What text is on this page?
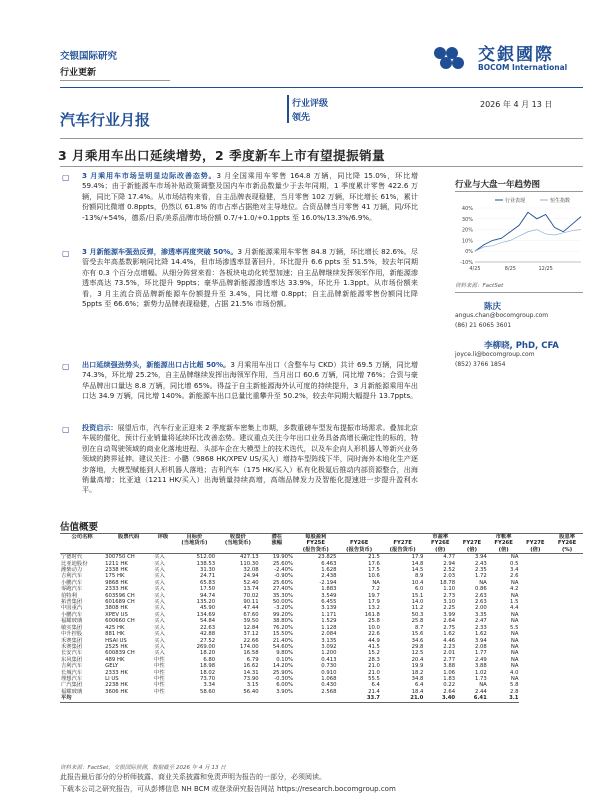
交银国际研究
行业更新
交銀國際
BOCOM International
汽车行业月报
行业评级
领先
2026 年 4 月 13 日
3 月乘用车出口延续增势，2 季度新车上市有望提振销量
▢	3 月乘用车市场呈明显边际改善态势。3 月全国乘用车零售 164.8 万辆，同比降 15.0%，环比增 59.4%；由于新能源车市场补贴政策调整及国内车市新品数量少于去年同期，1 季度累计零售 422.6 万辆，同比下降 17.4%。从市场结构来看，自主品牌表现稳健，当月零售 102 万辆，环比增长 61%，累计份额同比微增 0.8ppts，仍然以 61.8% 的市占率占据绝对主导地位。合资品牌当月零售 41 万辆，同/环比 -13%/+54%，德系/日系/美系品牌市场份额 0.7/+1.0/+0.1ppts 至 16.0%/13.3%/6.9%。
▢	3 月新能源车强劲反弹，渗透率再度突破 50%。3 月新能源乘用车零售 84.8 万辆，环比增长 82.6%。尽管受去年高基数影响同比降 14.4%，但市场渗透率显著回升，环比提升 6.6 ppts 至 51.5%，较去年同期亦有 0.3 个百分点增幅。从细分阵营来看：各板块电动化转型加速；自主品牌继续发挥领军作用，新能源渗透率高达 73.5%，环比提升 9ppts；豪华品牌新能源渗透率达 33.9%，环比升 1.3ppt。从市场份额来看，3 月主流合资品牌新能源车份额提升至 3.4%，同比增 0.8ppt；自主品牌新能源零售份额同比降 5ppts 至 66.6%；新势力品牌表现稳健，占据 21.5% 市场份额。
▢	出口延续强劲势头，新能源出口占比超 50%。3 月乘用车出口（含整车与 CKD）共计 69.5 万辆，同比增 74.3%，环比增 25.2%，自主品牌继续发挥出海领军作用，当月出口 60.6 万辆，同比增 76%；合资与豪华品牌出口量达 8.8 万辆，同比增 65%。得益于自主新能源海外认可度的持续提升，3 月新能源乘用车出口达 34.9 万辆，同比增 140%。新能源车出口总量比重攀升至 50.2%，较去年同期大幅提升 13.7ppts。
▢	投资启示：展望后市，汽车行业正迎来 2 季度新车密集上市期，多数重磅车型发布提振市场需求。叠加北京车展的催化，预计行业销量将延续环比改善态势。建议重点关注今年出口业务具备高增长确定性的标的，特别在自动驾驶领域的商业化落地进程、头部车企在大模型上的技术迭代，以及车企向人形机器人等新兴业务领域的跨界延伸。建议关注：小鹏（9868 HK/XPEV US/买入）增持车型阵线下半，同时海外本地化生产逐步落地，大模型赋能到人形机器人落地；吉利汽车（175 HK/买入）私有化极氪后推动内部资源整合，出海销量高增；比亚迪（1211 HK/买入）出海销量持续高增，高端品牌发力及智能化提速进一步提升盈利水平。
行业与大盘一年趋势图
40%
30%
20%
10%
0%
-10%
4/25	8/25	12/25
行业表现	恒生指数
资料来源：FactSet
陈庆
angus.chan@bocomgroup.com
(86) 21 6065 3601
李柳晓, PhD, CFA
joyce.li@bocomgroup.com
(852) 3766 1854
估值概要
公司名称	股票代码	评级	目标价	收盘价	潜在	每股盈利			市盈率		市帐率		股息率
			(当地货币)	(当地货币)	涨幅	FY25E	FY26E	FY27E	FY26E	FY27E	FY26E	FY27E	FY26E
						(报告货币)	(报告货币)	(报告货币)	(倍)	(倍)	(倍)	(倍)	(%)
宁德时代	300750 CH	买入	512.00	427.13	19.90%	23.825	21.5	17.9	4.77	3.94	NA		
比亚迪股份	1211 HK	买入	138.53	110.30	25.60%	6.463	17.6	14.8	2.94	2.43	0.5		
潍柴动力	2338 HK	买入	31.30	32.08	-2.40%	1.628	17.5	14.5	2.52	2.35	3.4		
吉利汽车	175 HK	买入	24.71	24.94	-0.90%	2.438	10.6	8.9	2.03	1.72	2.6		
小鹏汽车	9868 HK	买入	65.83	52.40	25.60%	-2.194	NA	10.4	18.78	NA	NA		
零跑汽车	2333 HK	买入	17.50	13.74	27.40%	1.883	7.2	6.0	1.10	0.86	4.2		
伯特利	603596 CH	买入	94.74	70.02	35.30%	3.549	19.7	15.1	2.73	2.63	NA		
拓普集团	601689 CH	买入	135.20	90.11	50.00%	6.455	17.9	14.0	3.10	2.63	1.5		
中国重汽	3808 HK	买入	45.90	47.44	-3.20%	3.139	13.2	11.2	2.25	2.00	4.4		
小鹏汽车	XPEV US	买入	134.69	67.60	99.20%	1.171	161.8	50.3	3.99	3.35	NA		
福耀玻璃	600660 CH	买入	54.84	39.50	38.80%	1.529	25.8	25.8	2.64	2.47	NA		
敏实集团	425 HK	买入	22.63	12.84	76.20%	1.128	10.0	8.7	2.75	2.33	5.5		
中升控股	881 HK	买入	42.88	37.12	15.50%	2.084	22.6	15.6	1.62	1.62	NA		
禾赛集团	HSAI US	买入	27.52	22.66	21.40%	3.135	44.9	34.6	4.46	3.94	NA		
禾赛集团	2525 HK	买入	269.00	174.00	54.60%	3.092	41.5	29.8	2.23	2.08	NA		
长安汽车	600839 CH	买入	18.20	16.58	9.80%	1.200	15.2	12.5	2.01	1.77	NA		
东风集团	489 HK	中性	6.80	6.79	0.10%	0.413	28.3	20.4	2.77	2.49	NA		
吉利汽车	GELY	中性	18.98	16.62	14.20%	0.730	21.0	19.9	3.88	3.88	NA		
长城汽车	2333 HK	中性	18.02	14.31	25.90%	0.910	21.0	18.2	1.06	1.02	4.0		
理想汽车	LI US	中性	73.70	73.90	-0.30%	1.068	55.5	34.8	1.83	1.73	NA		
广汽集团	2238 HK	中性	3.34	3.15	6.00%	0.430	6.4	6.4	0.22	NA	5.8		
福耀玻璃	3606 HK	中性	58.60	56.40	3.90%	2.568	21.4	18.4	2.64	2.44	2.8		
平均							33.7	21.0	3.40	6.41	3.1		
资料来源：FactSet，交银国际预测，数据截至 2026 年 4 月 13 日
此报告最后部分的分析师披露、商业关系披露和免责声明为报告的一部分，必须阅读。
下载本公司之研究报告，可从彭博信息 NH BCM 或登录研究报告网站 https://research.bocomgroup.com
